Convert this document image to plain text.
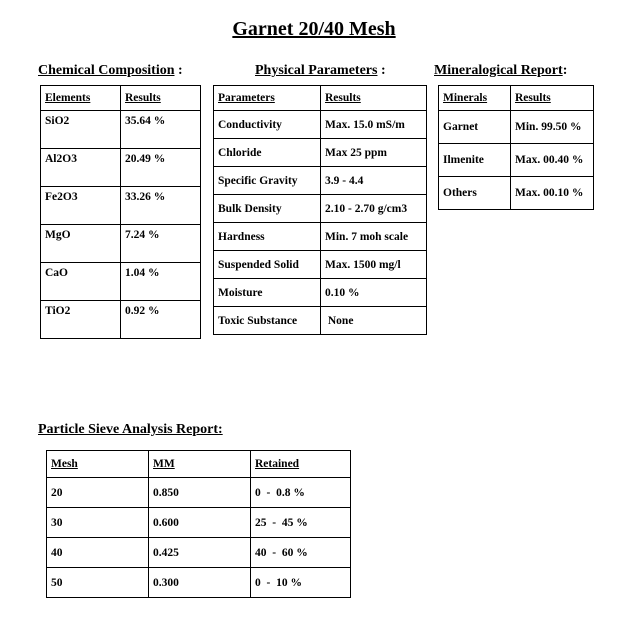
Garnet 20/40 Mesh
Chemical Composition :
Elements	Results
SiO2	35.64 %
Al2O3	20.49 %
Fe2O3	33.26 %
MgO	7.24 %
CaO	1.04 %
TiO2	0.92 %
Physical Parameters :
Parameters	Results
Conductivity	Max. 15.0 mS/m
Chloride	Max 25 ppm
Specific Gravity	3.9 - 4.4
Bulk Density	2.10 - 2.70 g/cm3
Hardness	Min. 7 moh scale
Suspended Solid	Max. 1500 mg/l
Moisture	0.10 %
Toxic Substance	None
Mineralogical Report:
Minerals	Results
Garnet	Min. 99.50 %
Ilmenite	Max. 00.40 %
Others	Max. 00.10 %
Particle Sieve Analysis Report:
Mesh	MM	Retained
20	0.850	0  -  0.8 %
30	0.600	25  -  45 %
40	0.425	40  -  60 %
50	0.300	0  -  10 %
